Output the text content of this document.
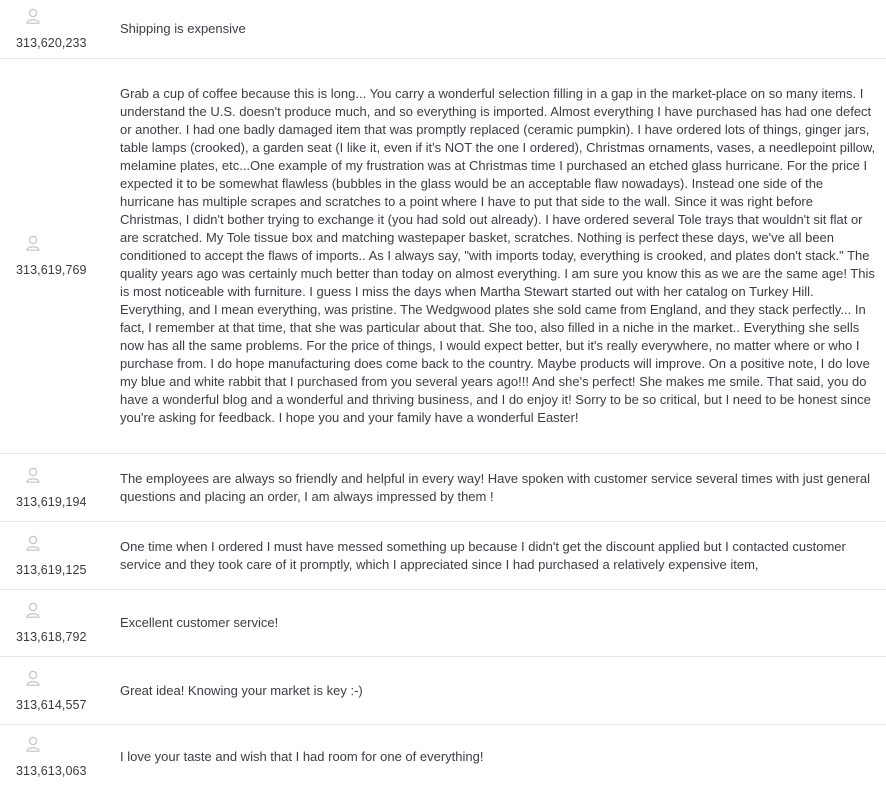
313,620,233
Shipping is expensive
313,619,769
Grab a cup of coffee because this is long... You carry a wonderful selection filling in a gap in the market-place on so many items. I understand the U.S. doesn't produce much, and so everything is imported. Almost everything I have purchased has had one defect or another. I had one badly damaged item that was promptly replaced (ceramic pumpkin). I have ordered lots of things, ginger jars, table lamps (crooked), a garden seat (I like it, even if it's NOT the one I ordered), Christmas ornaments, vases, a needlepoint pillow, melamine plates, etc...One example of my frustration was at Christmas time I purchased an etched glass hurricane. For the price I expected it to be somewhat flawless (bubbles in the glass would be an acceptable flaw nowadays). Instead one side of the hurricane has multiple scrapes and scratches to a point where I have to put that side to the wall. Since it was right before Christmas, I didn't bother trying to exchange it (you had sold out already). I have ordered several Tole trays that wouldn't sit flat or are scratched. My Tole tissue box and matching wastepaper basket, scratches. Nothing is perfect these days, we've all been conditioned to accept the flaws of imports.. As I always say, "with imports today, everything is crooked, and plates don't stack." The quality years ago was certainly much better than today on almost everything. I am sure you know this as we are the same age! This is most noticeable with furniture. I guess I miss the days when Martha Stewart started out with her catalog on Turkey Hill. Everything, and I mean everything, was pristine. The Wedgwood plates she sold came from England, and they stack perfectly... In fact, I remember at that time, that she was particular about that. She too, also filled in a niche in the market.. Everything she sells now has all the same problems. For the price of things, I would expect better, but it's really everywhere, no matter where or who I purchase from. I do hope manufacturing does come back to the country. Maybe products will improve. On a positive note, I do love my blue and white rabbit that I purchased from you several years ago!!! And she's perfect! She makes me smile. That said, you do have a wonderful blog and a wonderful and thriving business, and I do enjoy it! Sorry to be so critical, but I need to be honest since you're asking for feedback. I hope you and your family have a wonderful Easter!
313,619,194
The employees are always so friendly and helpful in every way! Have spoken with customer service several times with just general questions and placing an order, I am always impressed by them !
313,619,125
One time when I ordered I must have messed something up because I didn't get the discount applied but I contacted customer service and they took care of it promptly, which I appreciated since I had purchased a relatively expensive item,
313,618,792
Excellent customer service!
313,614,557
Great idea! Knowing your market is key :-)
313,613,063
I love your taste and wish that I had room for one of everything!
